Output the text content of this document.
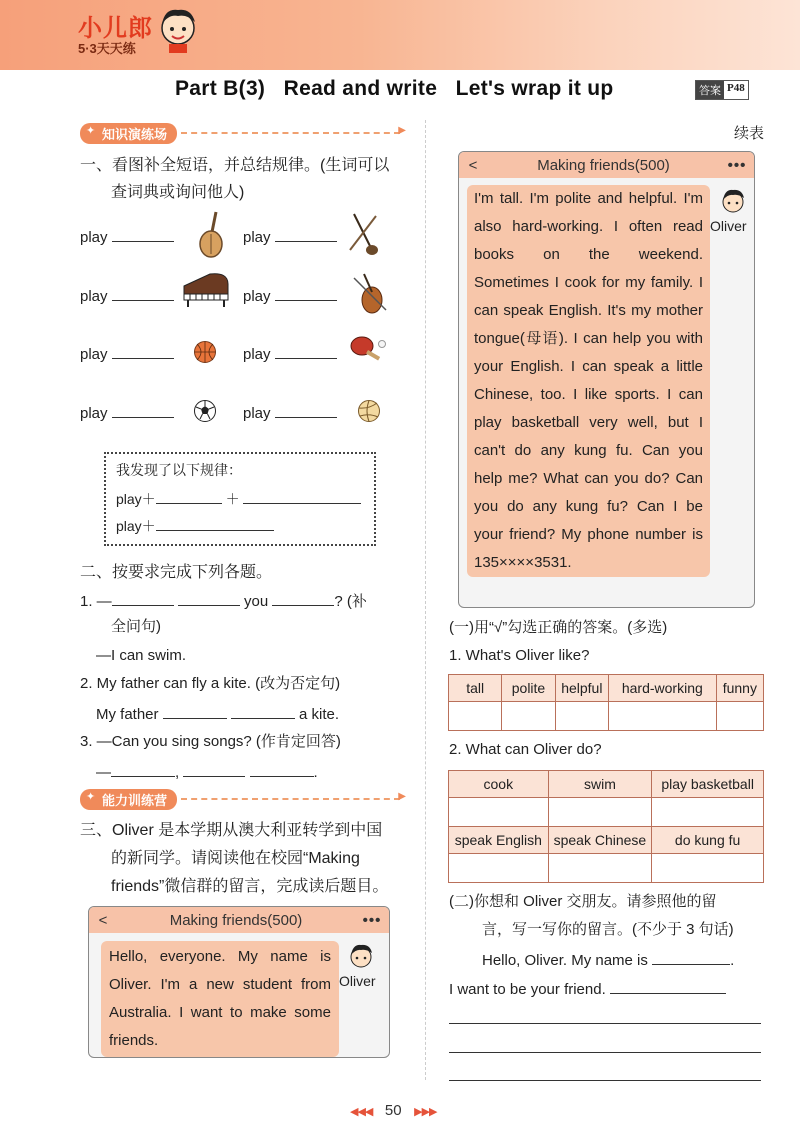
小儿郎
5·3天天练
Part B(3)   Read and write   Let's wrap it up	答案 P48
✦ 知识演练场
▶
一、看图补全短语，并总结规律。(生词可以
查词典或询问他人)
play	play
play	play
play	play
play	play
我发现了以下规律：
play＋	＋
play＋
二、按要求完成下列各题。
1. —	you	? (补
全问句)
—I can swim.
2. My father can fly a kite. (改为否定句)
My father	a kite.
3. —Can you sing songs? (作肯定回答)
—	,	.
✦ 能力训练营
▶
三、Oliver 是本学期从澳大利亚转学到中国
的新同学。请阅读他在校园“Making
friends”微信群的留言，完成读后题目。
<	Making friends(500)	•••

Hello, everyone. My name is Oliver. I'm a new student from Australia. I want to make some friends.

Oliver
续表
<	Making friends(500)	•••

I'm tall. I'm polite and helpful. I'm also hard-working. I often read books on the weekend. Sometimes I cook for my family. I can speak English. It's my mother tongue(母语). I can help you with your English. I can speak a little Chinese, too. I like sports. I can play basketball very well, but I can't do any kung fu. Can you help me? What can you do? Can you do any kung fu? Can I be your friend? My phone number is 135××××3531.

Oliver
(一)用“√”勾选正确的答案。(多选)
1. What's Oliver like?
tall	polite	helpful	hard-working	funny

2. What can Oliver do?
cook	swim	play basketball

speak English	speak Chinese	do kung fu

(二)你想和 Oliver 交朋友。请参照他的留
言，写一写你的留言。(不少于 3 句话)
Hello, Oliver. My name is	.
I want to be your friend.
◀◀◀ 50 ▶▶▶
